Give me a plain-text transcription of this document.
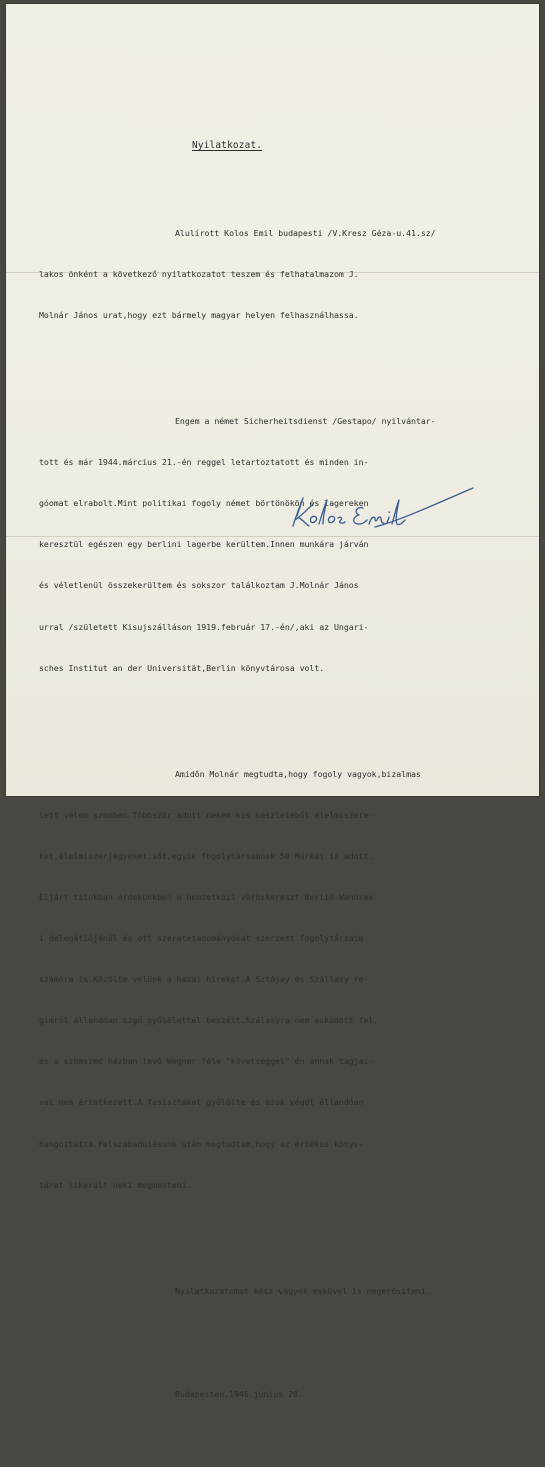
Nyilatkozat.

Alulírott Kolos Emil budapesti /V.Kresz Géza-u.41.sz/

lakos önként a következő nyilatkozatot teszem és felhatalmazom J.

Molnár János urat,hogy ezt bármely magyar helyen felhasználhassa.

Engem a német Sicherheitsdienst /Gestapo/ nyilvántar-

tott és már 1944.március 21.-én reggel letartoztatott és minden in-

góomat elrabolt.Mint politikai fogoly német börtönökön és lagereken

keresztül egészen egy berlini lagerbe kerültem.Innen munkára járván

és véletlenül összekerültem és sokszor találkoztam J.Molnár János

urral /született Kisujszálláson 1919.február 17.-én/,aki az Ungari-

sches Institut an der Universität,Berlin könyvtárosa volt.

Amidőn Molnár megtudta,hogy fogoly vagyok,bizalmas

lett velem szemben.Többször adott nekem kis készletéből élelmiszere-

ket,élelmiszerjegyeket,sőt,egyik fogolytársamnak 50 Márkát is adott.

Eljárt titokban érdekünkben a nemzetközi vöröskereszt Berlin-Wannsee-

i delegátiójánál és ott szeretetadományokat szerzett fogolytársaim

számára is.Közölte velünk a hazai híreket.A Sztójay és Szállasy re-

gimről állandóan izgó gyűlölettel beszélt.Szálasyra nem esküdött fel,

és a szomszéd házban levő Wegner féle "követséggel" én annak tagjai-

val nem érintkezett.A fasisztákat gyűlölte és azok végét állandóan

hangoztatta.Felszabadulásunk után megtudtam,hogy az értékes könyv-

tárat sikerült neki megmenteni.

Nyilatkozatomat kész vagyok esküvel is megerősíteni.

Budapesten,1946.junius 28.
